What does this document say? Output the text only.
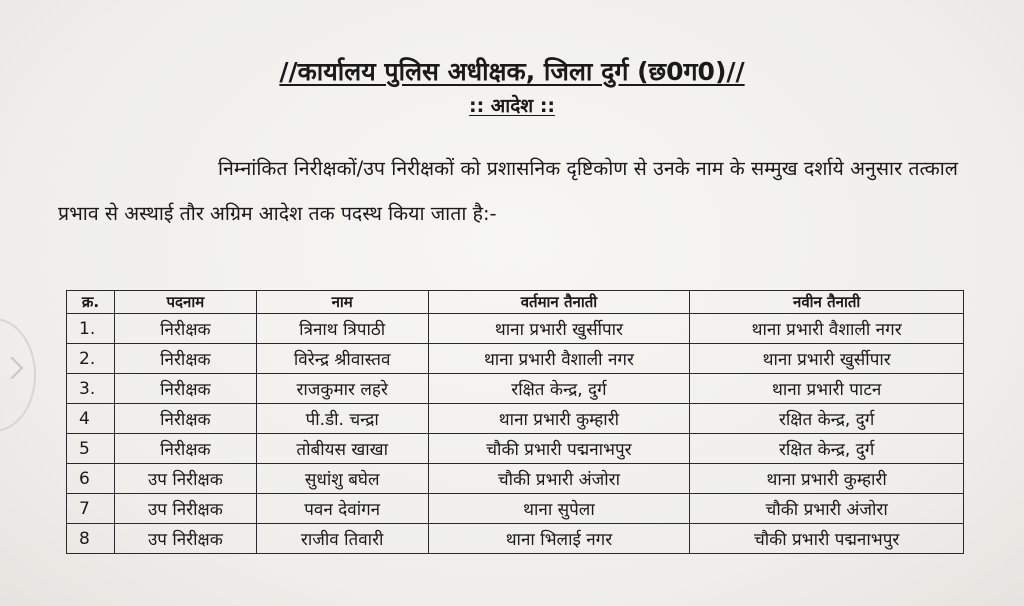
//कार्यालय पुलिस अधीक्षक, जिला दुर्ग (छ0ग0)//
:: आदेश ::
निम्नांकित निरीक्षकों/उप निरीक्षकों को प्रशासनिक दृष्टिकोण से उनके नाम के सम्मुख दर्शाये अनुसार तत्काल प्रभाव से अस्थाई तौर अग्रिम आदेश तक पदस्थ किया जाता है:-
क्र.	पदनाम	नाम	वर्तमान तैनाती	नवीन तैनाती
1.	निरीक्षक	त्रिनाथ त्रिपाठी	थाना प्रभारी खुर्सीपार	थाना प्रभारी वैशाली नगर
2.	निरीक्षक	विरेन्द्र श्रीवास्तव	थाना प्रभारी वैशाली नगर	थाना प्रभारी खुर्सीपार
3.	निरीक्षक	राजकुमार लहरे	रक्षित केन्द्र, दुर्ग	थाना प्रभारी पाटन
4	निरीक्षक	पी.डी. चन्द्रा	थाना प्रभारी कुम्हारी	रक्षित केन्द्र, दुर्ग
5	निरीक्षक	तोबीयस खाखा	चौकी प्रभारी पद्मनाभपुर	रक्षित केन्द्र, दुर्ग
6	उप निरीक्षक	सुधांशु बघेल	चौकी प्रभारी अंजोरा	थाना प्रभारी कुम्हारी
7	उप निरीक्षक	पवन देवांगन	थाना सुपेला	चौकी प्रभारी अंजोरा
8	उप निरीक्षक	राजीव तिवारी	थाना भिलाई नगर	चौकी प्रभारी पद्मनाभपुर
